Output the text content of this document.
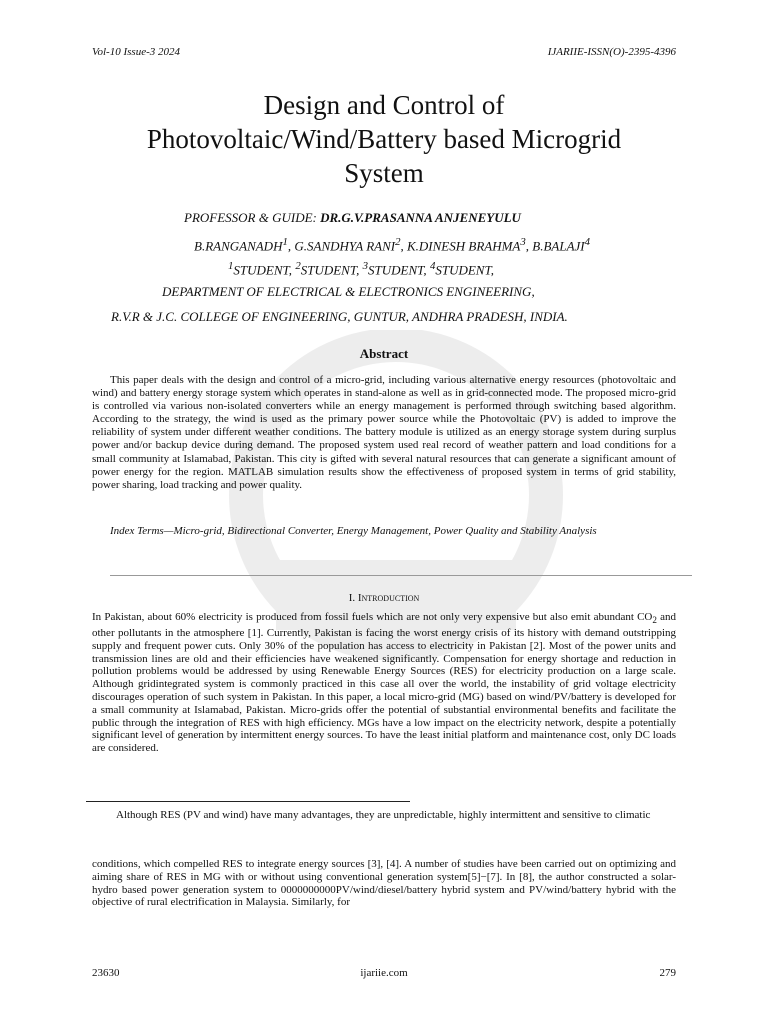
Vol-10 Issue-3 2024	IJARIIE-ISSN(O)-2395-4396
Design and Control of
Photovoltaic/Wind/Battery based Microgrid
System
PROFESSOR & GUIDE: DR.G.V.PRASANNA ANJENEYULU
B.RANGANADH$^1$, G.SANDHYA RANI$^2$, K.DINESH BRAHMA$^3$, B.BALAJI$^4$
$^1$STUDENT, $^2$STUDENT, $^3$STUDENT, $^4$STUDENT,
DEPARTMENT OF ELECTRICAL & ELECTRONICS ENGINEERING,
R.V.R & J.C. COLLEGE OF ENGINEERING, GUNTUR, ANDHRA PRADESH, INDIA.
Abstract
This paper deals with the design and control of a micro-grid, including various alternative energy resources (photovoltaic and wind) and battery energy storage system which operates in stand-alone as well as in grid-connected mode. The proposed micro-grid is controlled via various non-isolated converters while an energy management is performed through switching based algorithm. According to the strategy, the wind is used as the primary power source while the Photovoltaic (PV) is added to improve the reliability of system under different weather conditions. The battery module is utilized as an energy storage system during surplus power and/or backup device during demand. The proposed system used real record of weather pattern and load conditions for a small community at Islamabad, Pakistan. This city is gifted with several natural resources that can generate a significant amount of power energy for the region. MATLAB simulation results show the effectiveness of proposed system in terms of grid stability, power sharing, load tracking and power quality.
Index Terms—Micro-grid, Bidirectional Converter, Energy Management, Power Quality and Stability Analysis
I. Introduction
In Pakistan, about 60% electricity is produced from fossil fuels which are not only very expensive but also emit abundant $CO_2$ and other pollutants in the atmosphere [1]. Currently, Pakistan is facing the worst energy crisis of its history with demand outstripping supply and frequent power cuts. Only 30% of the population has access to electricity in Pakistan [2]. Most of the power units and transmission lines are old and their efficiencies have weakened significantly. Compensation for energy shortage and reduction in pollution problems would be addressed by using Renewable Energy Sources (RES) for electricity production on a large scale. Although gridintegrated system is commonly practiced in this case all over the world, the instability of grid voltage electricity discourages operation of such system in Pakistan. In this paper, a local micro-grid (MG) based on wind/PV/battery is developed for a small community at Islamabad, Pakistan. Micro-grids offer the potential of substantial environmental benefits and facilitate the public through the integration of RES with high efficiency. MGs have a low impact on the electricity network, despite a potentially significant level of generation by intermittent energy sources. To have the least initial platform and maintenance cost, only DC loads are considered.
Although RES (PV and wind) have many advantages, they are unpredictable, highly intermittent and sensitive to climatic
conditions, which compelled RES to integrate energy sources [3], [4]. A number of studies have been carried out on optimizing and aiming share of RES in MG with or without using conventional generation system[5]−[7]. In [8], the author constructed a solar-hydro based power generation system to 0000000000PV/wind/diesel/battery hybrid system and PV/wind/battery hybrid with the objective of rural electrification in Malaysia. Similarly, for
23630	ijariie.com	279
